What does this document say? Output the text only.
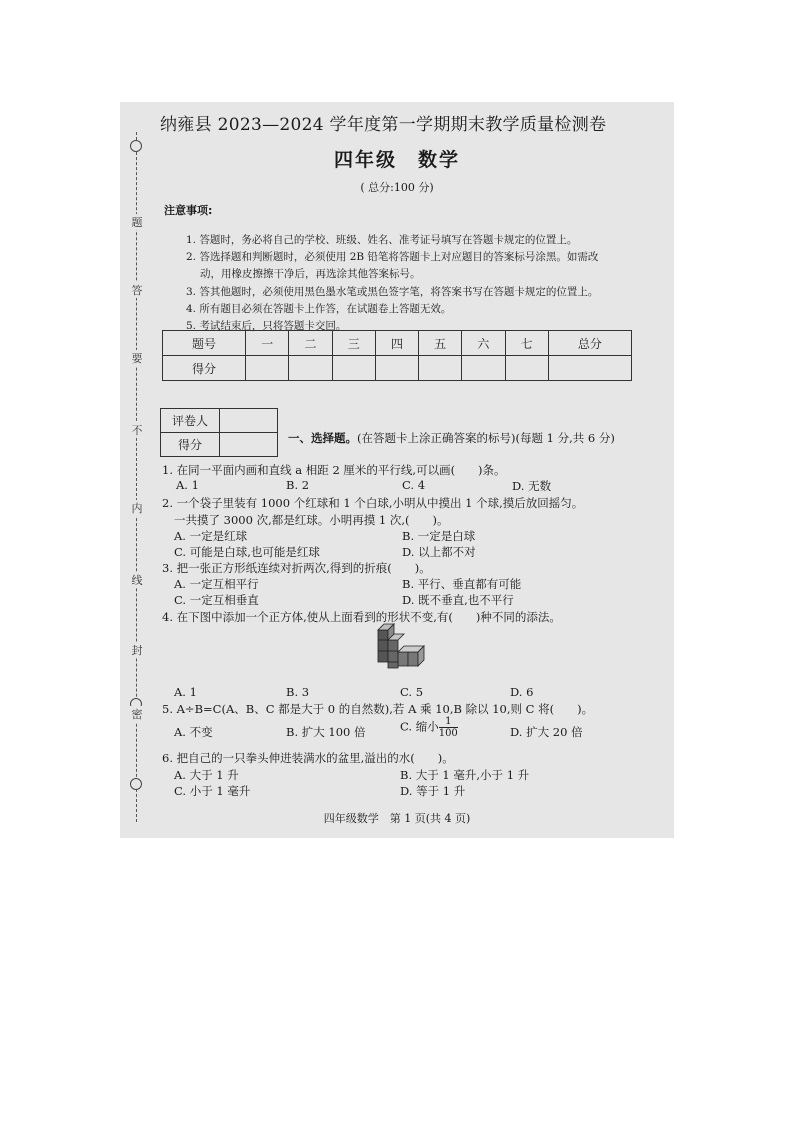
题
答
要
不
内
线
封
密
纳雍县 2023—2024 学年度第一学期期末教学质量检测卷
四年级　数学
( 总分:100 分)
注意事项:
1. 答题时，务必将自己的学校、班级、姓名、准考证号填写在答题卡规定的位置上。
2. 答选择题和判断题时，必须使用 2B 铅笔将答题卡上对应题目的答案标号涂黑。如需改
动，用橡皮擦擦干净后，再选涂其他答案标号。
3. 答其他题时，必须使用黑色墨水笔或黑色签字笔，将答案书写在答题卡规定的位置上。
4. 所有题目必须在答题卡上作答，在试题卷上答题无效。
5. 考试结束后，只将答题卡交回。
题号	一	二	三	四	五	六	七	总分
得分								
评卷人	
得分		一、选择题。(在答题卡上涂正确答案的标号)(每题 1 分,共 6 分)
1. 在同一平面内画和直线 a 相距 2 厘米的平行线,可以画(　　)条。
A. 1	B. 2	C. 4	D. 无数
2. 一个袋子里装有 1000 个红球和 1 个白球,小明从中摸出 1 个球,摸后放回摇匀。
一共摸了 3000 次,都是红球。小明再摸 1 次,(　　)。
A. 一定是红球	B. 一定是白球
C. 可能是白球,也可能是红球	D. 以上都不对
3. 把一张正方形纸连续对折两次,得到的折痕(　　)。
A. 一定互相平行	B. 平行、垂直都有可能
C. 一定互相垂直	D. 既不垂直,也不平行
4. 在下图中添加一个正方体,使从上面看到的形状不变,有(　　)种不同的添法。
A. 1	B. 3	C. 5	D. 6
5. A÷B=C(A、B、C 都是大于 0 的自然数),若 A 乘 10,B 除以 10,则 C 将(　　)。
A. 不变	B. 扩大 100 倍	C. 缩小 $\frac{1}{100}$	D. 扩大 20 倍
6. 把自己的一只拳头伸进装满水的盆里,溢出的水(　　)。
A. 大于 1 升	B. 大于 1 毫升,小于 1 升
C. 小于 1 毫升	D. 等于 1 升
四年级数学　第 1 页(共 4 页)
